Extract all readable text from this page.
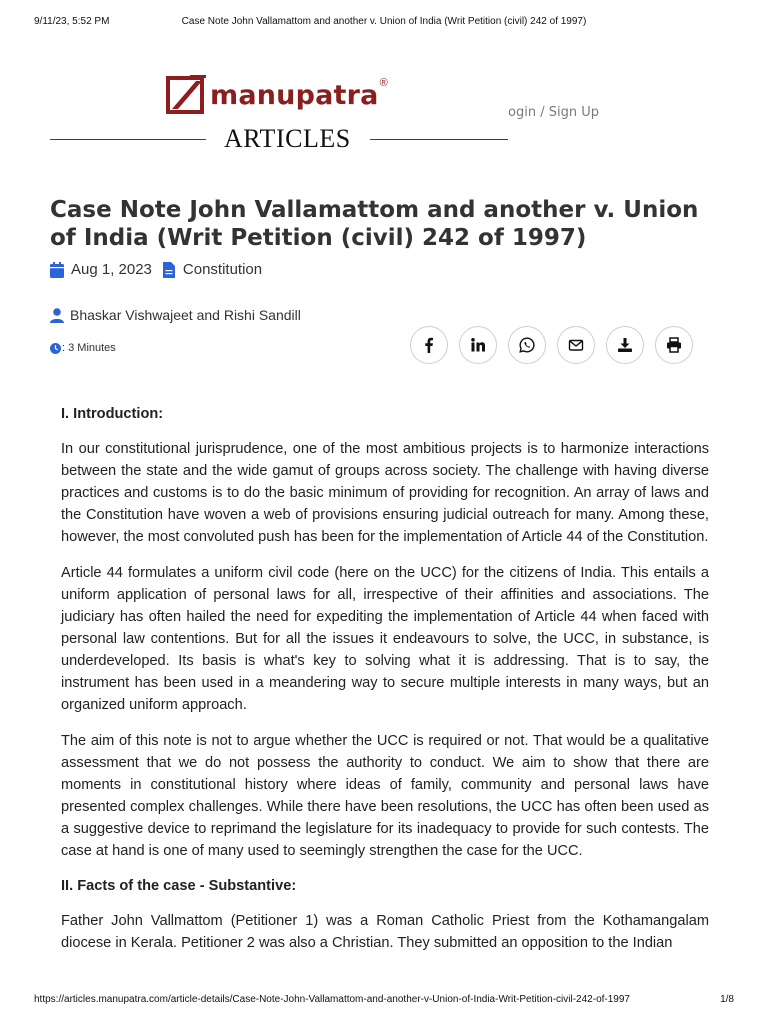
9/11/23, 5:52 PM	Case Note John Vallamattom and another v. Union of India (Writ Petition (civil) 242 of 1997)
manupatra ®
ogin / Sign Up
ARTICLES
Case Note John Vallamattom and another v. Union of India (Writ Petition (civil) 242 of 1997)
Aug 1, 2023 Constitution
Bhaskar Vishwajeet and Rishi Sandill
: 3 Minutes
I. Introduction:

In our constitutional jurisprudence, one of the most ambitious projects is to harmonize interactions between the state and the wide gamut of groups across society. The challenge with having diverse practices and customs is to do the basic minimum of providing for recognition. An array of laws and the Constitution have woven a web of provisions ensuring judicial outreach for many. Among these, however, the most convoluted push has been for the implementation of Article 44 of the Constitution.

Article 44 formulates a uniform civil code (here on the UCC) for the citizens of India. This entails a uniform application of personal laws for all, irrespective of their affinities and associations. The judiciary has often hailed the need for expediting the implementation of Article 44 when faced with personal law contentions. But for all the issues it endeavours to solve, the UCC, in substance, is underdeveloped. Its basis is what's key to solving what it is addressing. That is to say, the instrument has been used in a meandering way to secure multiple interests in many ways, but an organized uniform approach.

The aim of this note is not to argue whether the UCC is required or not. That would be a qualitative assessment that we do not possess the authority to conduct. We aim to show that there are moments in constitutional history where ideas of family, community and personal laws have presented complex challenges. While there have been resolutions, the UCC has often been used as a suggestive device to reprimand the legislature for its inadequacy to provide for such contests. The case at hand is one of many used to seemingly strengthen the case for the UCC.

II. Facts of the case - Substantive:

Father John Vallmattom (Petitioner 1) was a Roman Catholic Priest from the Kothamangalam diocese in Kerala. Petitioner 2 was also a Christian. They submitted an opposition to the Indian

https://articles.manupatra.com/article-details/Case-Note-John-Vallamattom-and-another-v-Union-of-India-Writ-Petition-civil-242-of-1997	1/8
